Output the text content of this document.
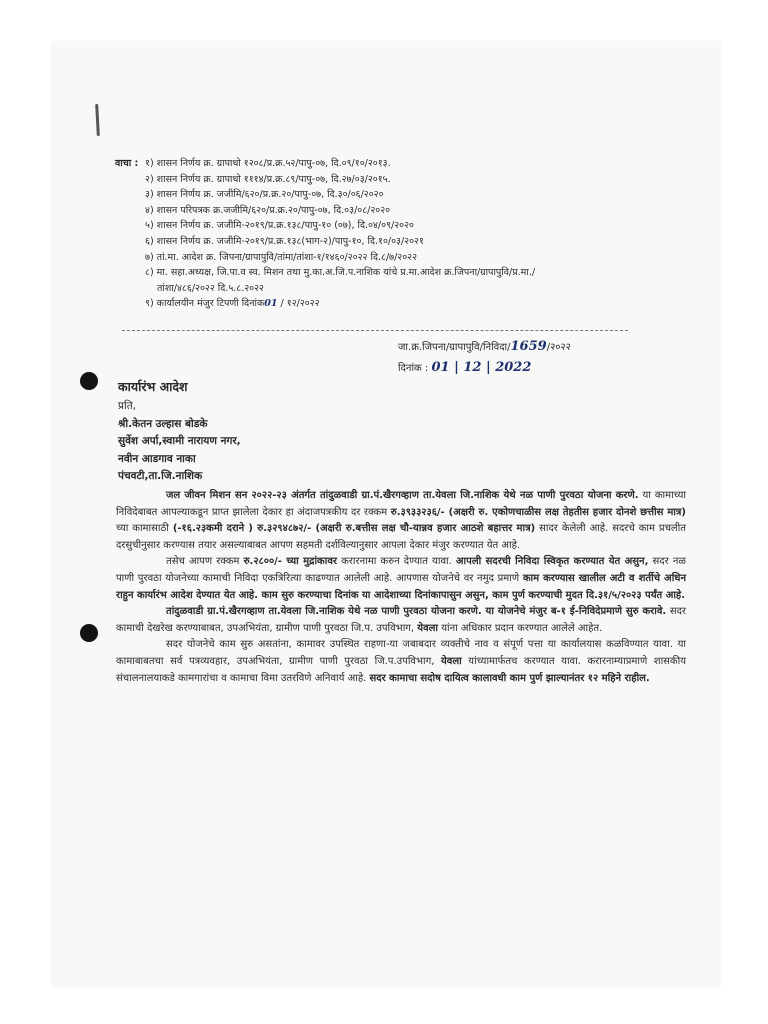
वाचा : १) शासन निर्णय क्र. ग्रापाधो १२०८/प्र.क्र.५२/पापु-०७, दि.०९/१०/२०१३.
२) शासन निर्णय क्र. ग्रापाधो १११४/प्र.क्र.८९/पापु-०७, दि.२७/०३/२०१५.
३) शासन निर्णय क्र. जजीमि/६२०/प्र.क्र.२०/पापु-०७, दि.३०/०६/२०२०
४) शासन परिपत्रक क्र.जजीमि/६२०/प्र.क्र.२०/पापु-०७, दि.०३/०८/२०२०
५) शासन निर्णय क्र. जजीमि-२०१९/प्र.क्र.१३८/पापु-१० (०७), दि.०४/०९/२०२०
६) शासन निर्णय क्र. जजीमि-२०१९/प्र.क्र.१३८(भाग-२)/पापु-१०, दि.१०/०३/२०२१
७) तां.मा. आदेश क्र. जिपना/ग्रापापुवि/तांमा/तांशा-१/१४६०/२०२२ दि.८/७/२०२२
८) मा. सहा.अध्यक्ष, जि.पा.व स्व. मिशन तथा मु.का.अ.जि.प.नाशिक यांचे प्र.मा.आदेश क्र.जिपना/ग्रापापुवि/प्र.मा./
तांशा/४८६/२०२२ दि.५.८.२०२२
९) कार्यालयीन मंजुर टिपणी दिनांक01 / १२/२०२२
जा.क्र.जिपना/ग्रापापुवि/निविदा/1659/२०२२
दिनांक : 01 | 12 | 2022
कार्यारंभ आदेश
प्रति,
श्री.केतन उल्हास बोडके
सुर्वेश अर्पा,स्वामी नारायण नगर,
नवीन आडगाव नाका
पंचवटी,ता.जि.नाशिक

जल जीवन मिशन सन २०२२-२३ अंतर्गत तांदुळवाडी ग्रा.पं.खैरगव्हाण ता.येवला जि.नाशिक येथे नळ पाणी पुरवठा योजना करणे. या कामाच्या निविदेबाबत आपल्याकडून प्राप्त झालेला देकार हा अंदाजपत्रकीय दर रक्कम रु.३९३३२३६/- (अक्षरी रु. एकोणचाळीस लक्ष तेहतीस हजार दोनशे छत्तीस मात्र) च्या कामासाठी (-१६.२३कमी दराने ) रु.३२९४८७२/- (अक्षरी रु.बत्तीस लक्ष चौ-यान्नव हजार आठशे बहात्तर मात्र) सादर केलेली आहे. सदरचे काम प्रचलीत दरसुचीनुसार करण्यास तयार असल्याबाबत आपण सहमती दर्शविल्यानुसार आपला देकार मंजुर करण्यात येत आहे.

तसेच आपण रक्कम रु.२८००/- च्या मुद्रांकावर करारनामा करुन देण्यात यावा. आपली सदरची निविदा स्विकृत करण्यात येत असुन, सदर नळ पाणी पुरवठा योजनेच्या कामाची निविदा एकत्रिरित्या काढण्यात आलेली आहे. आपणास योजनेचे वर नमुद प्रमाणे काम करण्यास खालील अटी व शर्तीचे अधिन राहुन कार्यारंभ आदेश देण्यात येत आहे. काम सुरु करण्याचा दिनांक या आदेशाच्या दिनांकापासुन असुन, काम पुर्ण करण्याची मुदत दि.३१/५/२०२३ पर्यंत आहे.

तांदुळवाडी ग्रा.पं.खैरगव्हाण ता.येवला जि.नाशिक येथे नळ पाणी पुरवठा योजना करणे. या योजनेचे मंजुर ब-१ ई-निविदेप्रमाणे सुरु करावे. सदर कामाची देखरेख करण्याबाबत, उपअभियंता, ग्रामीण पाणी पुरवठा जि.प. उपविभाग, येवला यांना अधिकार प्रदान करण्यात आलेले आहेत.

सदर योजनेचे काम सुरु असतांना, कामावर उपस्थित राहणा-या जबाबदार व्यक्तीचे नाव व संपूर्ण पत्ता या कार्यालयास कळविण्यात यावा. या कामाबाबतचा सर्व पत्रव्यवहार, उपअभियंता, ग्रामीण पाणी पुरवठा जि.प.उपविभाग, येवला यांच्यामार्फतच करण्यात यावा. करारनाम्याप्रमाणे शासकीय संचालनालयाकडे कामगारांचा व कामाचा विमा उतरविणे अनिवार्य आहे. सदर कामाचा सदोष दायित्व कालावधी काम पुर्ण झाल्यानंतर १२ महिने राहील.
